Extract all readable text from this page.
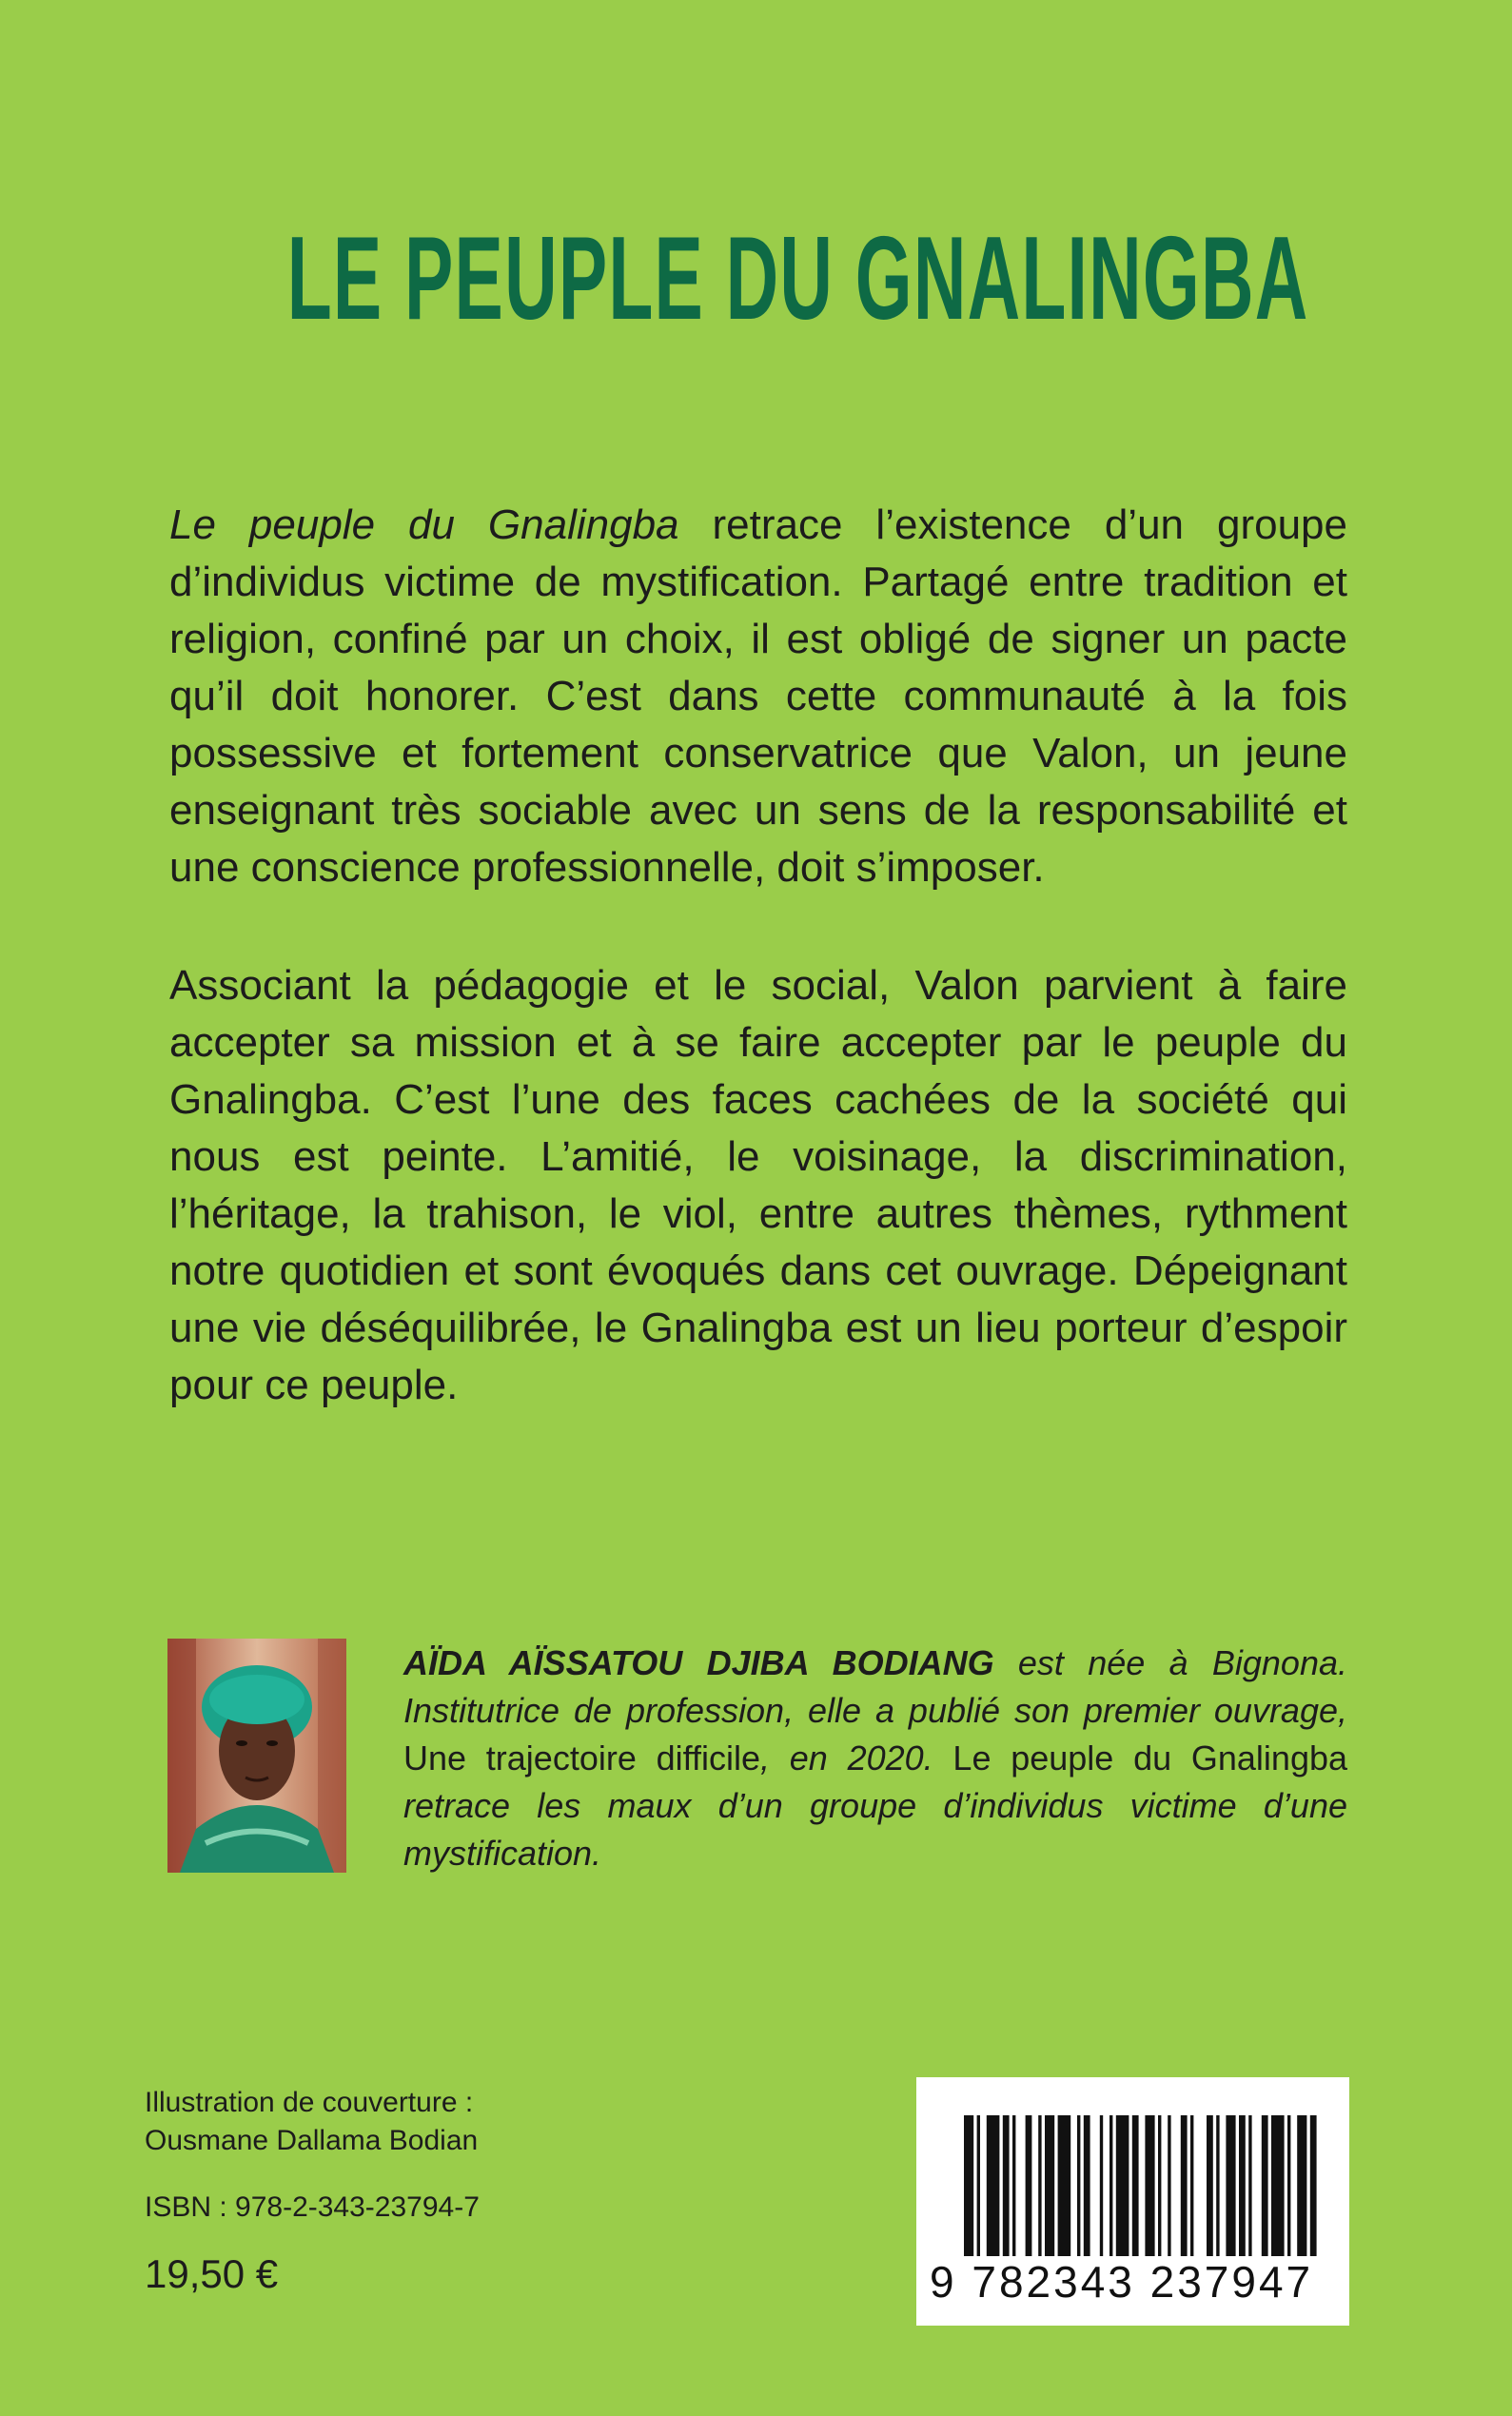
LE PEUPLE DU GNALINGBA

Le peuple du Gnalingba retrace l’existence d’un groupe d’individus victime de mystification. Partagé entre tradition et religion, confiné par un choix, il est obligé de signer un pacte qu’il doit honorer. C’est dans cette communauté à la fois possessive et fortement conservatrice que Valon, un jeune enseignant très sociable avec un sens de la responsabilité et une conscience professionnelle, doit s’imposer.

Associant la pédagogie et le social, Valon parvient à faire accepter sa mission et à se faire accepter par le peuple du Gnalingba. C’est l’une des faces cachées de la société qui nous est peinte. L’amitié, le voisinage, la discrimination, l’héritage, la trahison, le viol, entre autres thèmes, rythment notre quotidien et sont évoqués dans cet ouvrage. Dépeignant une vie déséquilibrée, le Gnalingba est un lieu porteur d’espoir pour ce peuple.

AÏDA AÏSSATOU DJIBA BODIANG est née à Bignona. Institutrice de profession, elle a publié son premier ouvrage, Une trajectoire difficile, en 2020. Le peuple du Gnalingba retrace les maux d’un groupe d’individus victime d’une mystification.

Illustration de couverture :
Ousmane Dallama Bodian
ISBN : 978-2-343-23794-7
19,50 €	9 782343 237947
